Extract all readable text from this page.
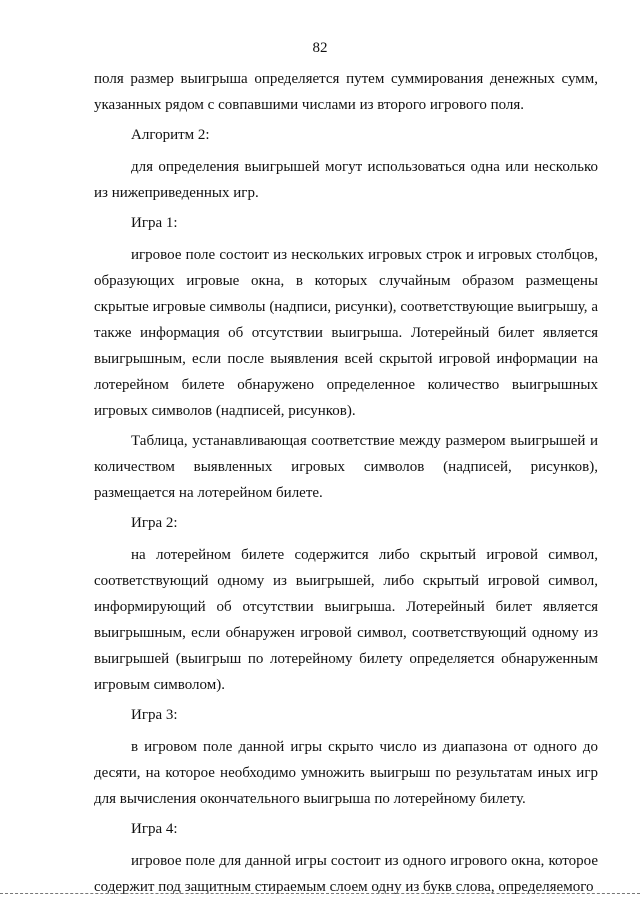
82

поля размер выигрыша определяется путем суммирования денежных сумм, указанных рядом с совпавшими числами из второго игрового поля.

Алгоритм 2:

для определения выигрышей могут использоваться одна или несколько из нижеприведенных игр.

Игра 1:

игровое поле состоит из нескольких игровых строк и игровых столбцов, образующих игровые окна, в которых случайным образом размещены скрытые игровые символы (надписи, рисунки), соответствующие выигрышу, а также информация об отсутствии выигрыша. Лотерейный билет является выигрышным, если после выявления всей скрытой игровой информации на лотерейном билете обнаружено определенное количество выигрышных игровых символов (надписей, рисунков).

Таблица, устанавливающая соответствие между размером выигрышей и количеством выявленных игровых символов (надписей, рисунков), размещается на лотерейном билете.

Игра 2:

на лотерейном билете содержится либо скрытый игровой символ, соответствующий одному из выигрышей, либо скрытый игровой символ, информирующий об отсутствии выигрыша. Лотерейный билет является выигрышным, если обнаружен игровой символ, соответствующий одному из выигрышей (выигрыш по лотерейному билету определяется обнаруженным игровым символом).

Игра 3:

в игровом поле данной игры скрыто число из диапазона от одного до десяти, на которое необходимо умножить выигрыш по результатам иных игр для вычисления окончательного выигрыша по лотерейному билету.

Игра 4:

игровое поле для данной игры состоит из одного игрового окна, которое содержит под защитным стираемым слоем одну из букв слова, определяемого
